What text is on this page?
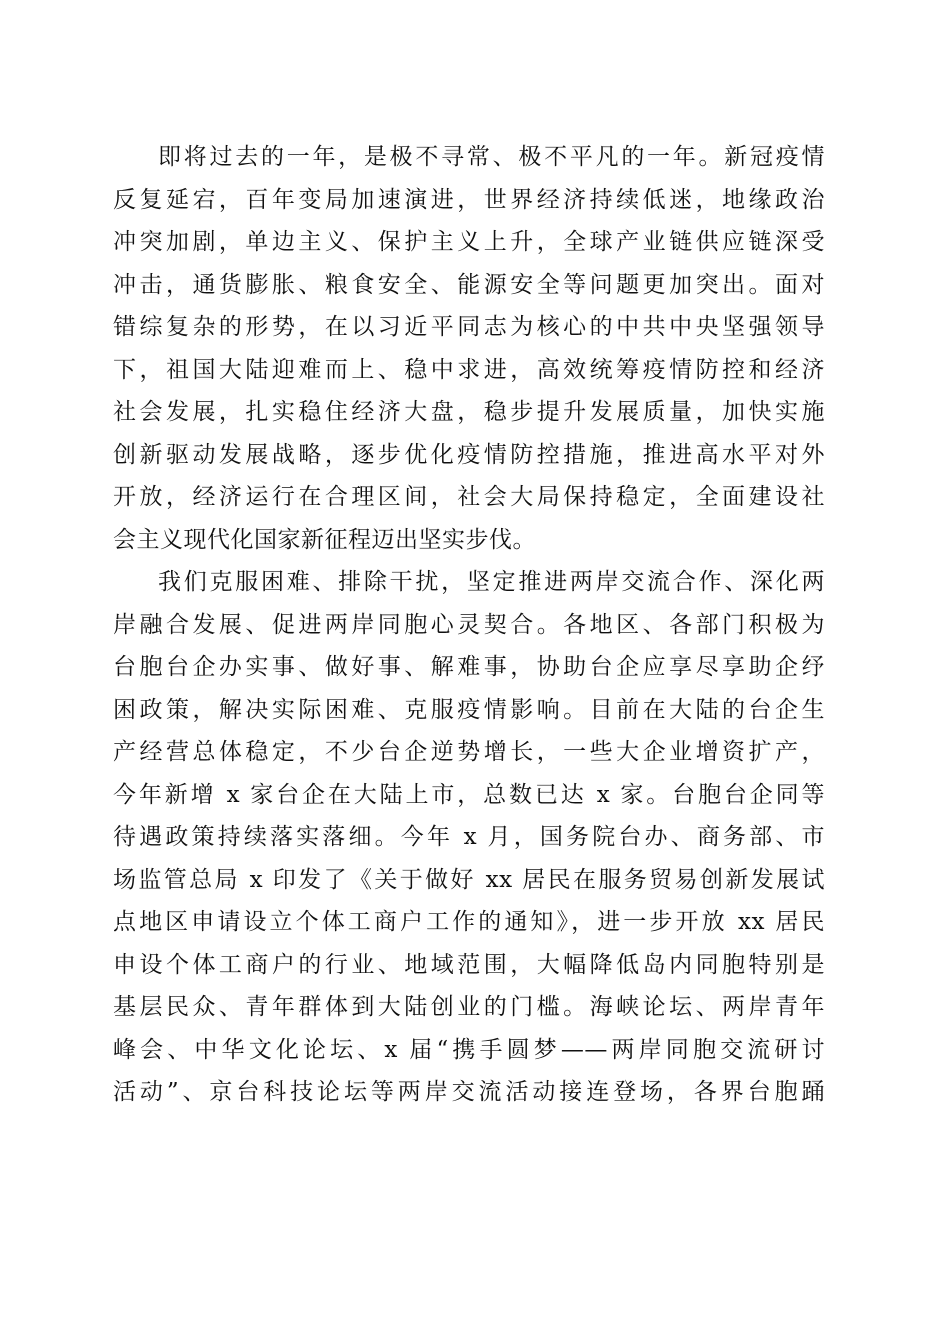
即将过去的一年，是极不寻常、极不平凡的一年。新冠疫情
反复延宕，百年变局加速演进，世界经济持续低迷，地缘政治
冲突加剧，单边主义、保护主义上升，全球产业链供应链深受
冲击，通货膨胀、粮食安全、能源安全等问题更加突出。面对
错综复杂的形势，在以习近平同志为核心的中共中央坚强领导
下，祖国大陆迎难而上、稳中求进，高效统筹疫情防控和经济
社会发展，扎实稳住经济大盘，稳步提升发展质量，加快实施
创新驱动发展战略，逐步优化疫情防控措施，推进高水平对外
开放，经济运行在合理区间，社会大局保持稳定，全面建设社
会主义现代化国家新征程迈出坚实步伐。
我们克服困难、排除干扰，坚定推进两岸交流合作、深化两
岸融合发展、促进两岸同胞心灵契合。各地区、各部门积极为
台胞台企办实事、做好事、解难事，协助台企应享尽享助企纾
困政策，解决实际困难、克服疫情影响。目前在大陆的台企生
产经营总体稳定，不少台企逆势增长，一些大企业增资扩产，
今年新增 x 家台企在大陆上市，总数已达 x 家。台胞台企同等
待遇政策持续落实落细。今年 x 月，国务院台办、商务部、市
场监管总局 x 印发了《关于做好 xx 居民在服务贸易创新发展试
点地区申请设立个体工商户工作的通知》，进一步开放 xx 居民
申设个体工商户的行业、地域范围，大幅降低岛内同胞特别是
基层民众、青年群体到大陆创业的门槛。海峡论坛、两岸青年
峰会、中华文化论坛、x 届“携手圆梦——两岸同胞交流研讨
活动”、京台科技论坛等两岸交流活动接连登场，各界台胞踊
